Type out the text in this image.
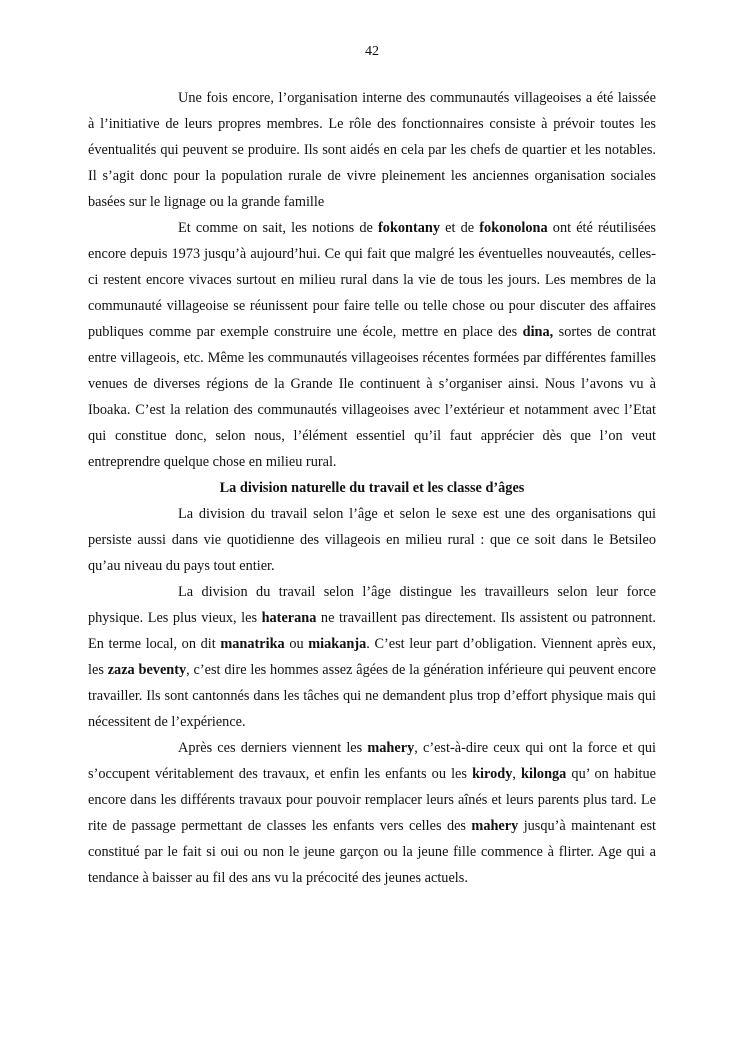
42

Une fois encore, l’organisation interne des communautés villageoises a été laissée à l’initiative de leurs propres membres. Le rôle des fonctionnaires consiste à prévoir toutes les éventualités qui peuvent se produire. Ils sont aidés en cela par les chefs de quartier et les notables. Il s’agit donc pour la population rurale de vivre pleinement les anciennes organisation sociales basées sur le lignage ou la grande famille

Et comme on sait, les notions de fokontany et de fokonolona ont été réutilisées encore depuis 1973 jusqu’à aujourd’hui. Ce qui fait que malgré les éventuelles nouveautés, celles-ci restent encore vivaces surtout en milieu rural dans la vie de tous les jours. Les membres de la communauté villageoise se réunissent pour faire telle ou telle chose ou pour discuter des affaires publiques comme par exemple construire une école, mettre en place des dina, sortes de contrat entre villageois, etc. Même les communautés villageoises récentes formées par différentes familles venues de diverses régions de la Grande Ile continuent à s’organiser ainsi. Nous l’avons vu à Iboaka. C’est la relation des communautés villageoises avec l’extérieur et notamment avec l’Etat qui constitue donc, selon nous, l’élément essentiel qu’il faut apprécier dès que l’on veut entreprendre quelque chose en milieu rural.

La division naturelle du travail et les classe d’âges

La division du travail selon l’âge et selon le sexe est une des organisations qui persiste aussi dans vie quotidienne des villageois en milieu rural : que ce soit dans le Betsileo qu’au niveau du pays tout entier.

La division du travail selon l’âge distingue les travailleurs selon leur force physique. Les plus vieux, les haterana ne travaillent pas directement. Ils assistent ou patronnent. En terme local, on dit manatrika ou miakanja. C’est leur part d’obligation. Viennent après eux, les zaza beventy, c’est dire les hommes assez âgées de la génération inférieure qui peuvent encore travailler. Ils sont cantonnés dans les tâches qui ne demandent plus trop d’effort physique mais qui nécessitent de l’expérience.

Après ces derniers viennent les mahery, c’est-à-dire ceux qui ont la force et qui s’occupent véritablement des travaux, et enfin les enfants ou les kirody, kilonga qu’ on habitue encore dans les différents travaux pour pouvoir remplacer leurs aînés et leurs parents plus tard. Le rite de passage permettant de classes les enfants vers celles des mahery jusqu’à maintenant est constitué par le fait si oui ou non le jeune garçon ou la jeune fille commence à flirter. Age qui a tendance à baisser au fil des ans vu la précocité des jeunes actuels.
